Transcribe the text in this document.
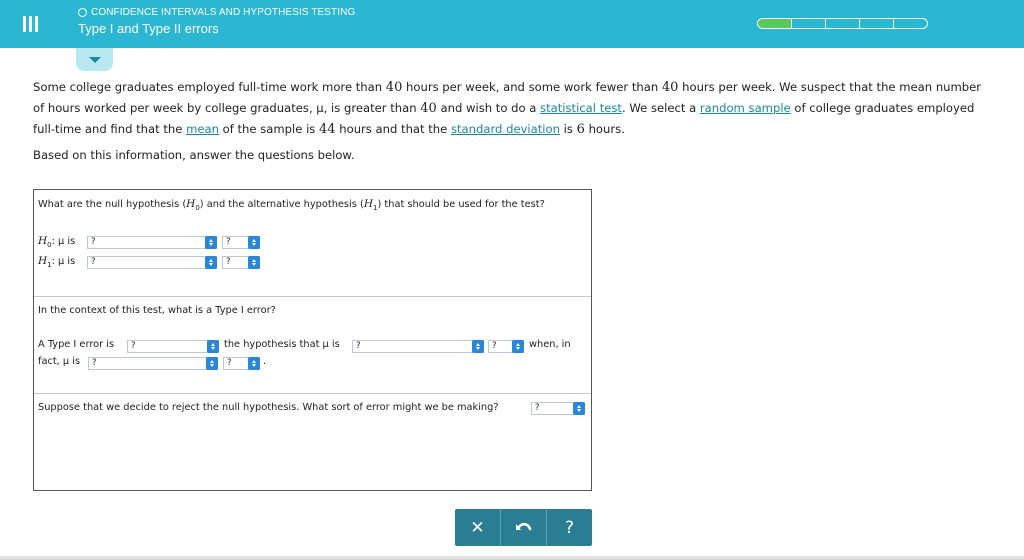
CONFIDENCE INTERVALS AND HYPOTHESIS TESTING
Type I and Type II errors
Some college graduates employed full-time work more than 40 hours per week, and some work fewer than 40 hours per week. We suspect that the mean number of hours worked per week by college graduates, μ, is greater than 40 and wish to do a statistical test. We select a random sample of college graduates employed full-time and find that the mean of the sample is 44 hours and that the standard deviation is 6 hours.
Based on this information, answer the questions below.
What are the null hypothesis $(H_0)$ and the alternative hypothesis $(H_1)$ that should be used for the test?
$H_0$: μ is	?	?
$H_1$: μ is	?	?
In the context of this test, what is a Type I error?
A Type I error is	?	the hypothesis that μ is	?	?	when, in
fact, μ is	?	?	.
Suppose that we decide to reject the null hypothesis. What sort of error might we be making?	?
✕	?
